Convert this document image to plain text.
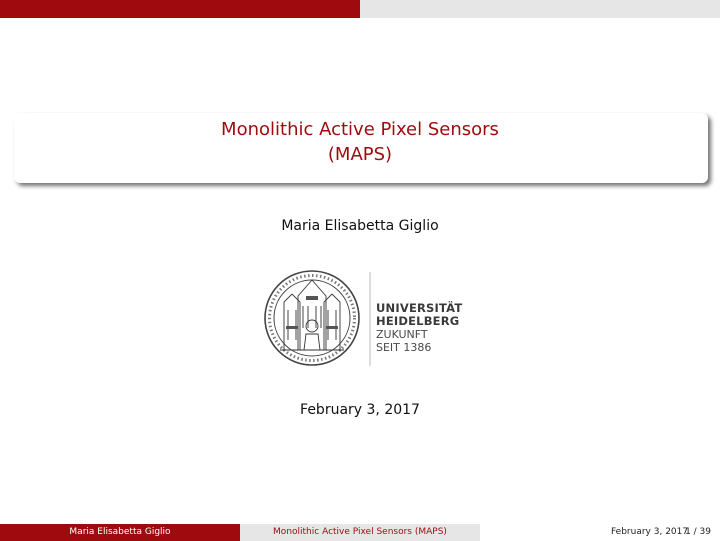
Monolithic Active Pixel Sensors
(MAPS)
Maria Elisabetta Giglio
UNIVERSITÄT
HEIDELBERG
ZUKUNFT
SEIT 1386
February 3, 2017
Maria Elisabetta Giglio	Monolithic Active Pixel Sensors (MAPS)	February 3, 2017
1 / 39
